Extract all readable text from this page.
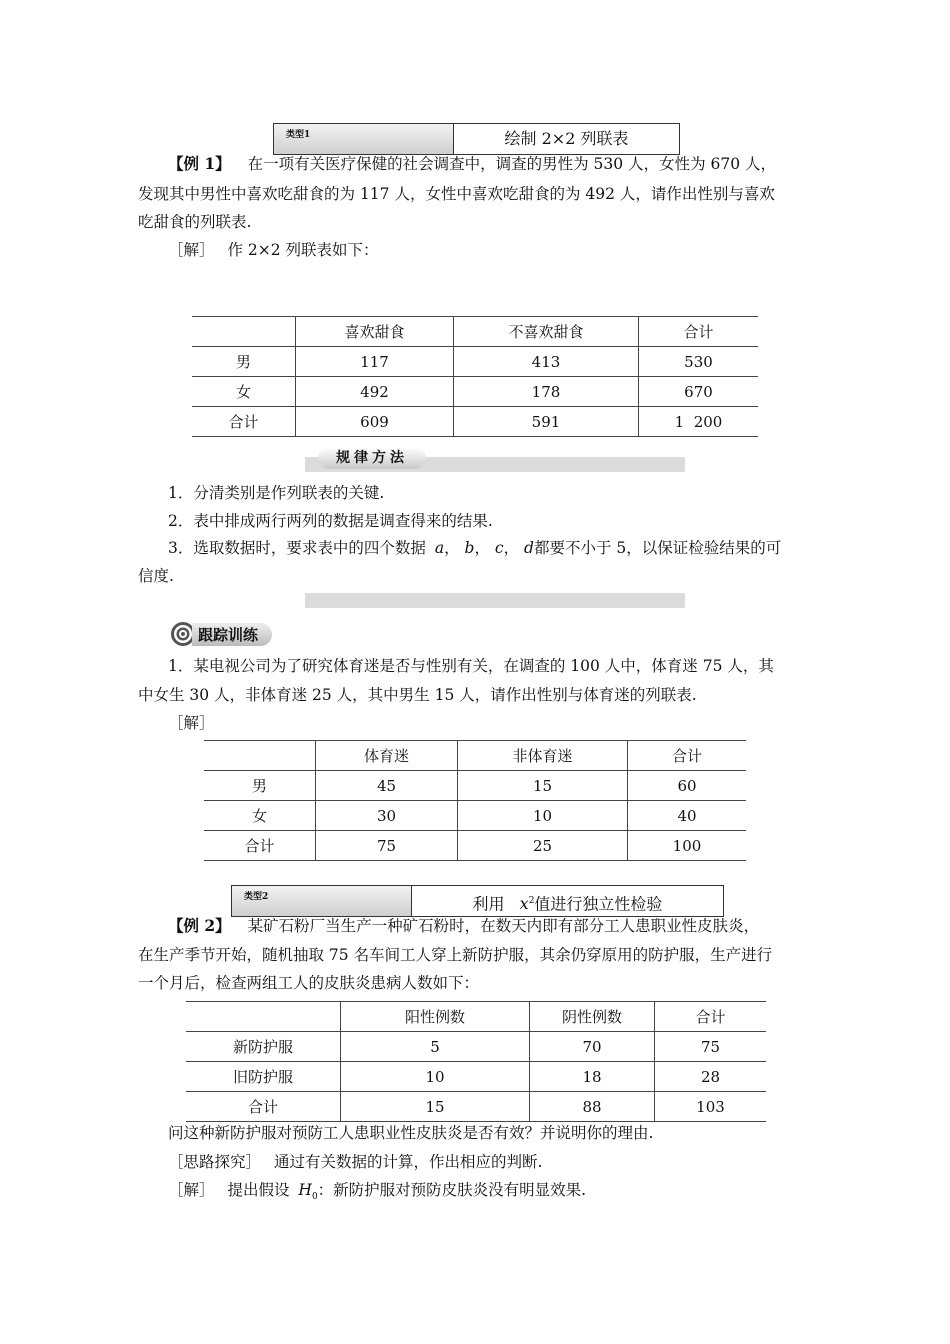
类型1	绘制 2×2 列联表
【例 1】 在一项有关医疗保健的社会调查中，调查的男性为 530 人，女性为 670 人，
发现其中男性中喜欢吃甜食的为 117 人，女性中喜欢吃甜食的为 492 人，请作出性别与喜欢
吃甜食的列联表.
［解］ 作 2×2 列联表如下：
	喜欢甜食	不喜欢甜食	合计
男	117	413	530
女	492	178	670
合计	609	591	1  200
规律方法
1．分清类别是作列联表的关键.
2．表中排成两行两列的数据是调查得来的结果.
3．选取数据时，要求表中的四个数据 a， b， c， d都要不小于 5，以保证检验结果的可
信度.
跟踪训练
1．某电视公司为了研究体育迷是否与性别有关，在调查的 100 人中，体育迷 75 人，其
中女生 30 人，非体育迷 25 人，其中男生 15 人，请作出性别与体育迷的列联表.
［解］
	体育迷	非体育迷	合计
男	45	15	60
女	30	10	40
合计	75	25	100
类型2	利用 $x^2$值进行独立性检验
【例 2】 某矿石粉厂当生产一种矿石粉时，在数天内即有部分工人患职业性皮肤炎，
在生产季节开始，随机抽取 75 名车间工人穿上新防护服，其余仍穿原用的防护服，生产进行
一个月后，检查两组工人的皮肤炎患病人数如下：
	阳性例数	阴性例数	合计
新防护服	5	70	75
旧防护服	10	18	28
合计	15	88	103
问这种新防护服对预防工人患职业性皮肤炎是否有效？并说明你的理由.
［思路探究］ 通过有关数据的计算，作出相应的判断.
［解］ 提出假设 $H_0$：新防护服对预防皮肤炎没有明显效果.
